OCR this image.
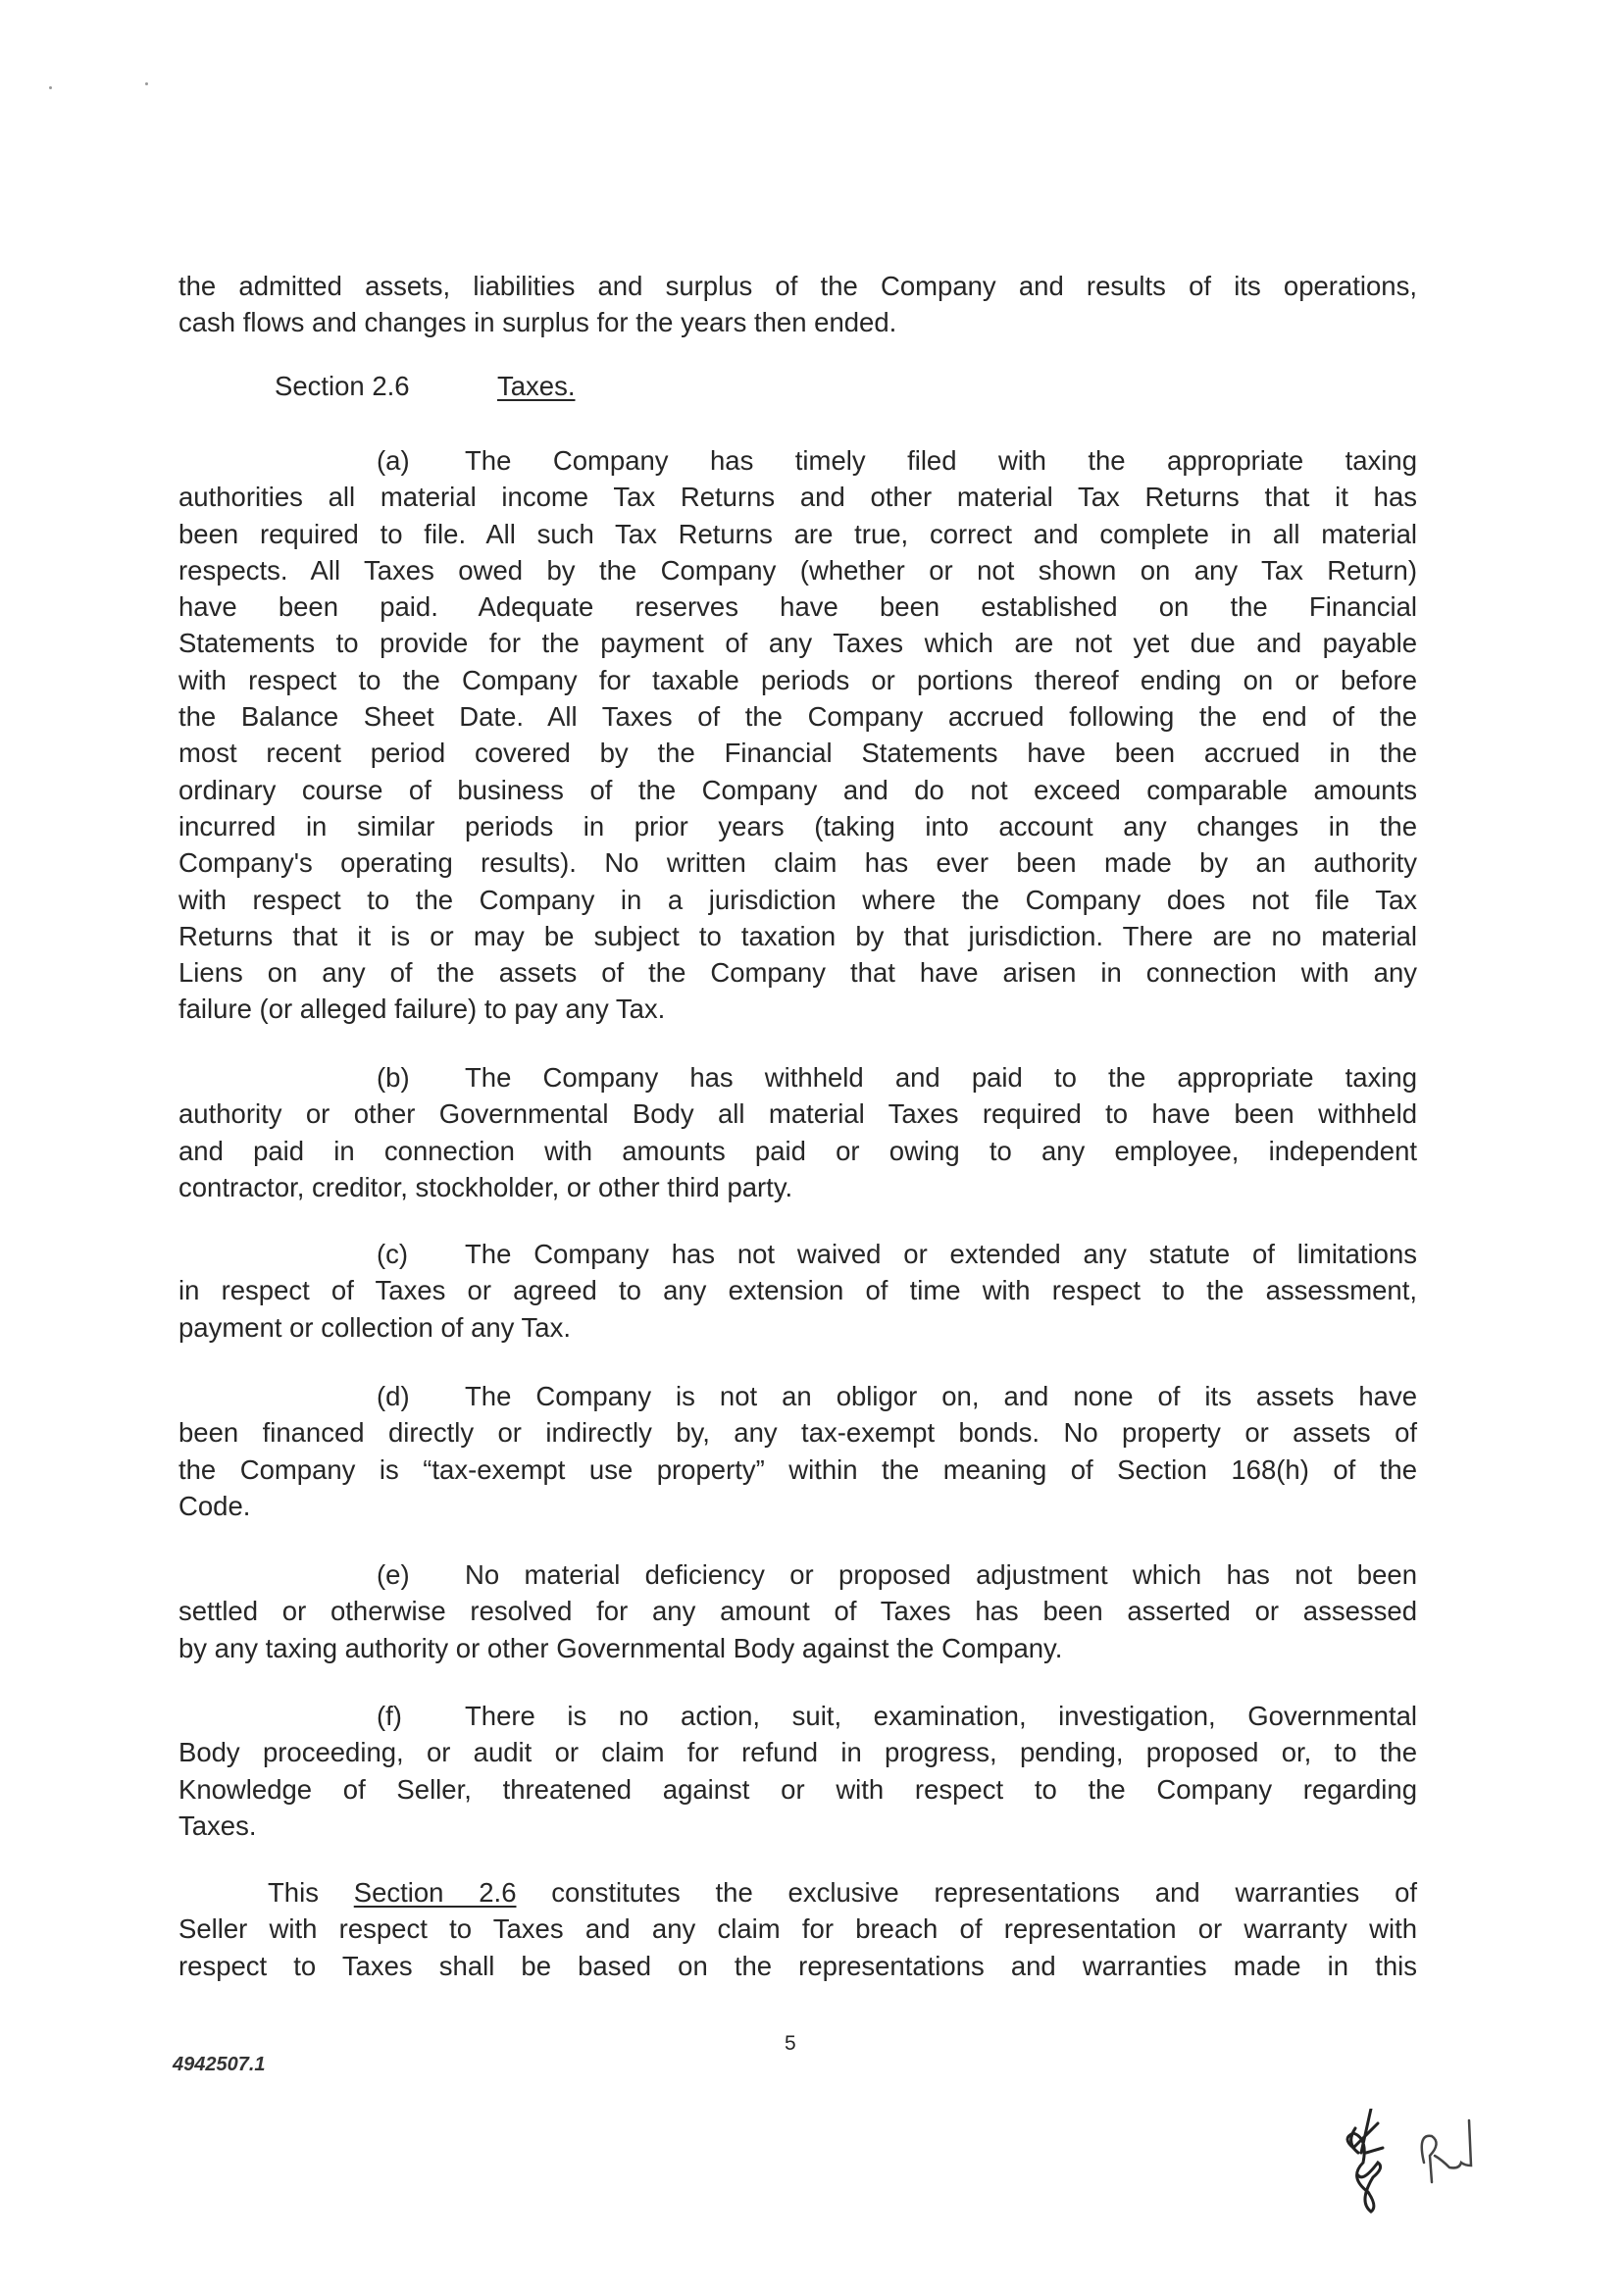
the admitted assets, liabilities and surplus of the Company and results of its operations,
cash flows and changes in surplus for the years then ended.
Section 2.6	Taxes.
(a) The Company has timely filed with the appropriate taxing
authorities all material income Tax Returns and other material Tax Returns that it has
been required to file. All such Tax Returns are true, correct and complete in all material
respects. All Taxes owed by the Company (whether or not shown on any Tax Return)
have been paid. Adequate reserves have been established on the Financial
Statements to provide for the payment of any Taxes which are not yet due and payable
with respect to the Company for taxable periods or portions thereof ending on or before
the Balance Sheet Date. All Taxes of the Company accrued following the end of the
most recent period covered by the Financial Statements have been accrued in the
ordinary course of business of the Company and do not exceed comparable amounts
incurred in similar periods in prior years (taking into account any changes in the
Company's operating results). No written claim has ever been made by an authority
with respect to the Company in a jurisdiction where the Company does not file Tax
Returns that it is or may be subject to taxation by that jurisdiction. There are no material
Liens on any of the assets of the Company that have arisen in connection with any
failure (or alleged failure) to pay any Tax.
(b) The Company has withheld and paid to the appropriate taxing
authority or other Governmental Body all material Taxes required to have been withheld
and paid in connection with amounts paid or owing to any employee, independent
contractor, creditor, stockholder, or other third party.
(c) The Company has not waived or extended any statute of limitations
in respect of Taxes or agreed to any extension of time with respect to the assessment,
payment or collection of any Tax.
(d) The Company is not an obligor on, and none of its assets have
been financed directly or indirectly by, any tax-exempt bonds. No property or assets of
the Company is “tax-exempt use property” within the meaning of Section 168(h) of the
Code.
(e) No material deficiency or proposed adjustment which has not been
settled or otherwise resolved for any amount of Taxes has been asserted or assessed
by any taxing authority or other Governmental Body against the Company.
(f) There is no action, suit, examination, investigation, Governmental
Body proceeding, or audit or claim for refund in progress, pending, proposed or, to the
Knowledge of Seller, threatened against or with respect to the Company regarding
Taxes.
This Section 2.6 constitutes the exclusive representations and warranties of
Seller with respect to Taxes and any claim for breach of representation or warranty with
respect to Taxes shall be based on the representations and warranties made in this
5
4942507.1
